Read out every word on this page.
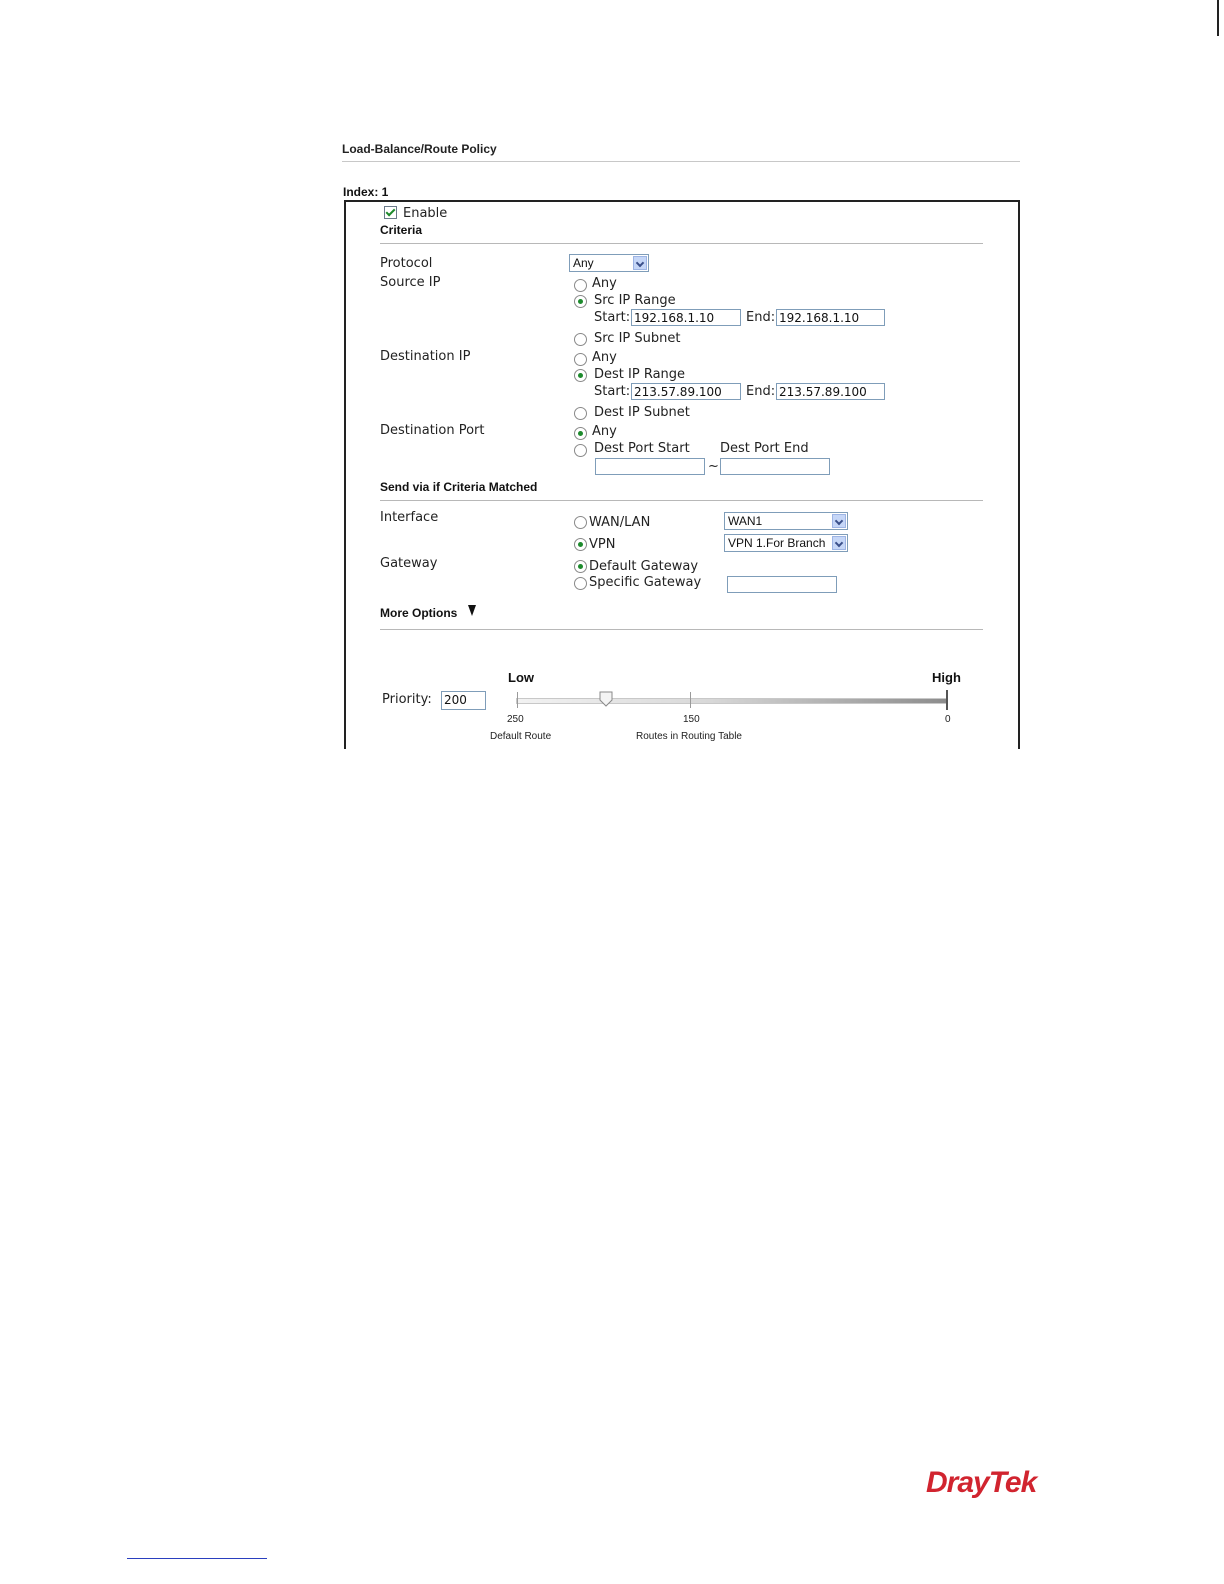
Load-Balance/Route Policy
Index: 1
Enable
Criteria
Protocol	Any
Source IP	Any
Src IP Range
Start: 192.168.1.10	End: 192.168.1.10
Src IP Subnet
Destination IP	Any
Dest IP Range
Start: 213.57.89.100	End: 213.57.89.100
Dest IP Subnet
Destination Port	Any
Dest Port Start Dest Port End
~
Send via if Criteria Matched
Interface	WAN/LAN	WAN1
VPN	VPN 1.For Branch
Gateway	Default Gateway
Specific Gateway
More Options
Low	High
Priority: 200
250	150	0
Default Route	Routes in Routing Table
DrayTek
